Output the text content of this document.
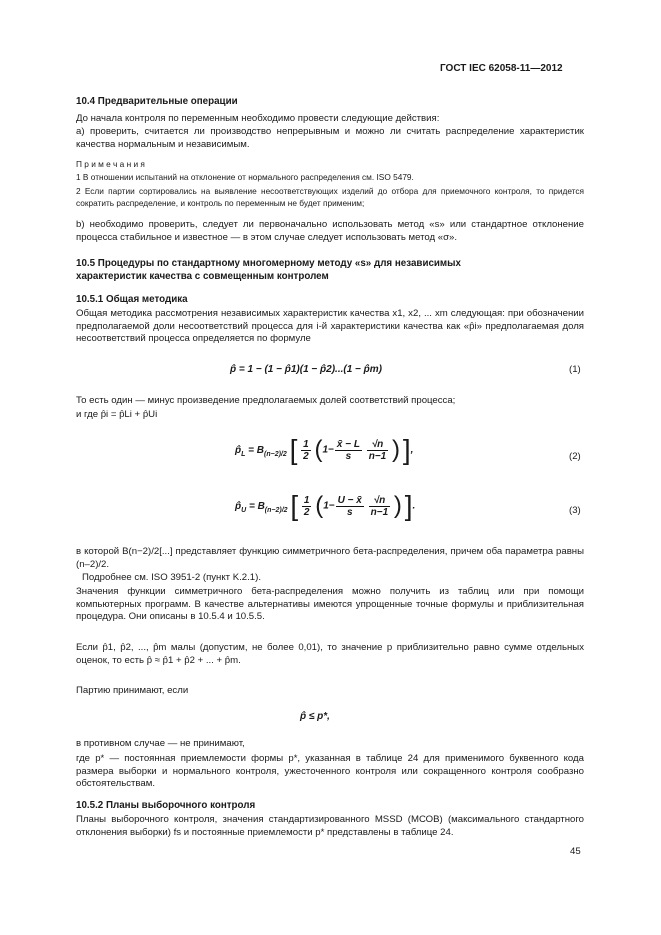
ГОСТ IEC 62058-11—2012
10.4 Предварительные операции
До начала контроля по переменным необходимо провести следующие действия:
а) проверить, считается ли производство непрерывным и можно ли считать распределение характеристик качества нормальным и независимым.
П р и м е ч а н и я
1 В отношении испытаний на отклонение от нормального распределения см. ISO 5479.
2 Если партии сортировались на выявление несоответствующих изделий до отбора для приемочного контроля, то придется сократить распределение, и контроль по переменным не будет применим;
b) необходимо проверить, следует ли первоначально использовать метод «s» или стандартное отклонение процесса стабильное и известное — в этом случае следует использовать метод «σ».
10.5 Процедуры по стандартному многомерному методу «s» для независимых
характеристик качества с совмещенным контролем
10.5.1 Общая методика
Общая методика рассмотрения независимых характеристик качества x1, x2, ... xm следующая: при обозначении предполагаемой доли несоответствий процесса для i-й характеристики качества как «p̂i» предполагаемая доля несоответствий процесса определяется по формуле
p̂ = 1 − (1 − p̂1)(1 − p̂2)...(1 − p̂m)	(1)
То есть один — минус произведение предполагаемых долей соответствий процесса;
и где p̂i = p̂Li + p̂Ui
$p̂_L = B_{(n-2)/2}$ [ $\frac{1}{2} (1- \frac{x̄ - L}{s}$
$\frac{√n}{n-1}$ ) ],
(2)
$p̂_U = B_{(n-2)/2}$ [ $\frac{1}{2} (1- \frac{U - x̄}{s}$
$\frac{√n}{n-1}$ ) ].	(3)
в которой B(n−2)/2[...] представляет функцию симметричного бета-распределения, причем оба параметра равны (n–2)/2.
Подробнее см. ISO 3951-2 (пункт K.2.1).
Значения функции симметричного бета-распределения можно получить из таблиц или при помощи компьютерных программ. В качестве альтернативы имеются упрощенные точные формулы и приблизительная процедура. Они описаны в 10.5.4 и 10.5.5.
Если p̂1, p̂2, ..., p̂m малы (допустим, не более 0,01), то значение p приблизительно равно сумме отдельных оценок, то есть p̂ ≈ p̂1 + p̂2 + ... + p̂m.
Партию принимают, если
p̂ ≤ p*,
в противном случае — не принимают,
где p* — постоянная приемлемости формы p*, указанная в таблице 24 для применимого буквенного кода размера выборки и нормального контроля, ужесточенного контроля или сокращенного контроля сообразно обстоятельствам.
10.5.2 Планы выборочного контроля
Планы выборочного контроля, значения стандартизированного MSSD (МСОВ) (максимального стандартного отклонения выборки) fs и постоянные приемлемости p* представлены в таблице 24.
45
